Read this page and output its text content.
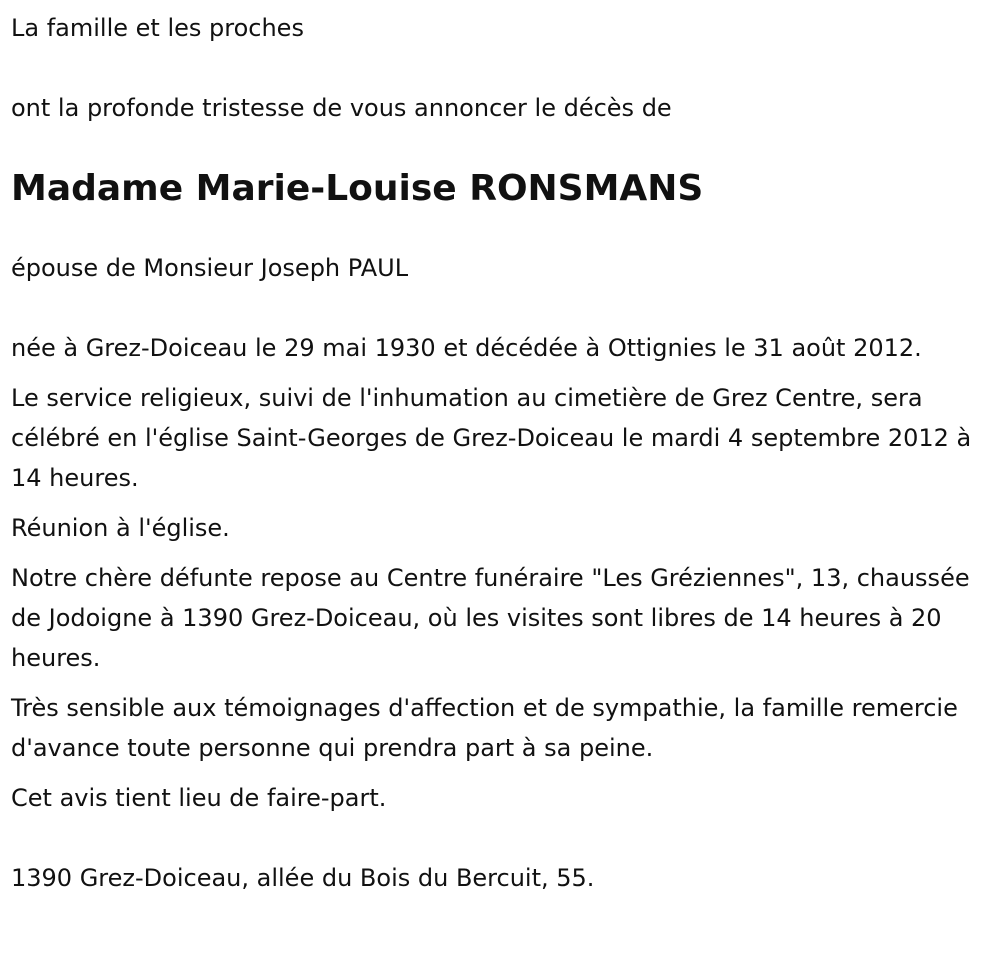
La famille et les proches

ont la profonde tristesse de vous annoncer le décès de

Madame Marie-Louise RONSMANS

épouse de Monsieur Joseph PAUL

née à Grez-Doiceau le 29 mai 1930 et décédée à Ottignies le 31 août 2012.

Le service religieux, suivi de l'inhumation au cimetière de Grez Centre, sera célébré en l'église Saint-Georges de Grez-Doiceau le mardi 4 septembre 2012 à 14 heures.

Réunion à l'église.

Notre chère défunte repose au Centre funéraire "Les Gréziennes", 13, chaussée de Jodoigne à 1390 Grez-Doiceau, où les visites sont libres de 14 heures à 20 heures.

Très sensible aux témoignages d'affection et de sympathie, la famille remercie d'avance toute personne qui prendra part à sa peine.

Cet avis tient lieu de faire-part.

1390 Grez-Doiceau, allée du Bois du Bercuit, 55.
